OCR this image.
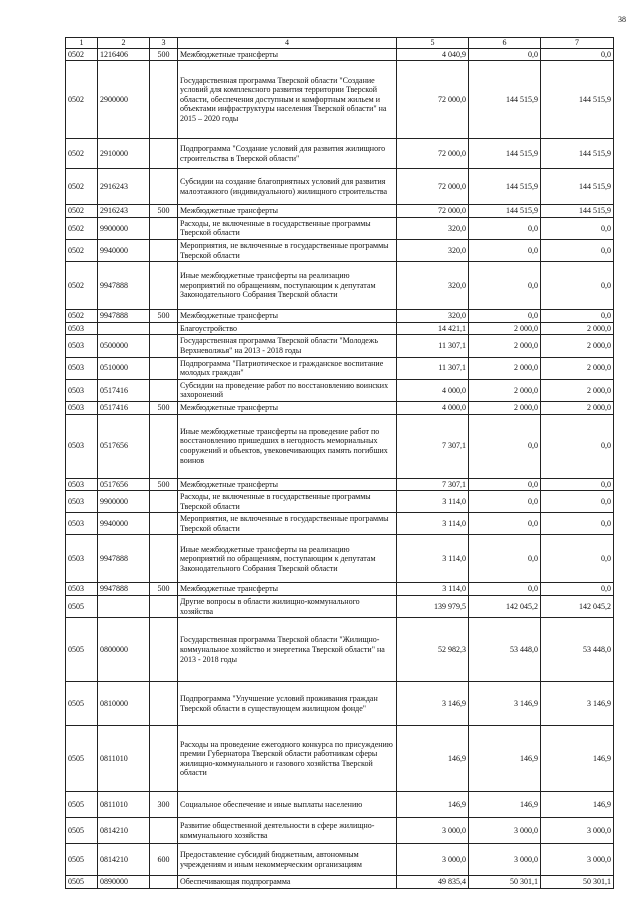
38
1	2	3	4	5	6	7
0502	1216406	500	Межбюджетные трансферты	4 040,9	0,0	0,0
0502	2900000		Государственная программа Тверской области "Создание условий для комплексного развития территории Тверской области, обеспечения доступным и комфортным жильем и объектами инфраструктуры населения Тверской области" на 2015 – 2020 годы	72 000,0	144 515,9	144 515,9
0502	2910000		Подпрограмма "Создание условий для развития жилищного строительства в Тверской области"	72 000,0	144 515,9	144 515,9
0502	2916243		Субсидии на создание благоприятных условий для развития малоэтажного (индивидуального) жилищного строительства	72 000,0	144 515,9	144 515,9
0502	2916243	500	Межбюджетные трансферты	72 000,0	144 515,9	144 515,9
0502	9900000		Расходы, не включенные в государственные программы Тверской области	320,0	0,0	0,0
0502	9940000		Мероприятия, не включенные в государственные программы Тверской области	320,0	0,0	0,0
0502	9947888		Иные межбюджетные трансферты на реализацию мероприятий по обращениям, поступающим к депутатам Законодательного Собрания Тверской области	320,0	0,0	0,0
0502	9947888	500	Межбюджетные трансферты	320,0	0,0	0,0
0503			Благоустройство	14 421,1	2 000,0	2 000,0
0503	0500000		Государственная программа Тверской области "Молодежь Верхневолжья" на 2013 - 2018 годы	11 307,1	2 000,0	2 000,0
0503	0510000		Подпрограмма "Патриотическое и гражданское воспитание молодых граждан"	11 307,1	2 000,0	2 000,0
0503	0517416		Субсидии на проведение работ по восстановлению воинских захоронений	4 000,0	2 000,0	2 000,0
0503	0517416	500	Межбюджетные трансферты	4 000,0	2 000,0	2 000,0
0503	0517656		Иные межбюджетные трансферты на проведение работ по восстановлению пришедших в негодность мемориальных сооружений и объектов, увековечивающих память погибших воинов	7 307,1	0,0	0,0
0503	0517656	500	Межбюджетные трансферты	7 307,1	0,0	0,0
0503	9900000		Расходы, не включенные в государственные программы Тверской области	3 114,0	0,0	0,0
0503	9940000		Мероприятия, не включенные в государственные программы Тверской области	3 114,0	0,0	0,0
0503	9947888		Иные межбюджетные трансферты на реализацию мероприятий по обращениям, поступающим к депутатам Законодательного Собрания Тверской области	3 114,0	0,0	0,0
0503	9947888	500	Межбюджетные трансферты	3 114,0	0,0	0,0
0505			Другие вопросы в области жилищно-коммунального хозяйства	139 979,5	142 045,2	142 045,2
0505	0800000		Государственная программа Тверской области "Жилищно-коммунальное хозяйство и энергетика Тверской области" на 2013 - 2018 годы	52 982,3	53 448,0	53 448,0
0505	0810000		Подпрограмма "Улучшение условий проживания граждан Тверской области в существующем жилищном фонде"	3 146,9	3 146,9	3 146,9
0505	0811010		Расходы на проведение ежегодного конкурса по присуждению премии Губернатора Тверской области работникам сферы жилищно-коммунального и газового хозяйства Тверской области	146,9	146,9	146,9
0505	0811010	300	Социальное обеспечение и иные выплаты населению	146,9	146,9	146,9
0505	0814210		Развитие общественной деятельности в сфере жилищно-коммунального хозяйства	3 000,0	3 000,0	3 000,0
0505	0814210	600	Предоставление субсидий бюджетным, автономным учреждениям и иным некоммерческим организациям	3 000,0	3 000,0	3 000,0
0505	0890000		Обеспечивающая подпрограмма	49 835,4	50 301,1	50 301,1
